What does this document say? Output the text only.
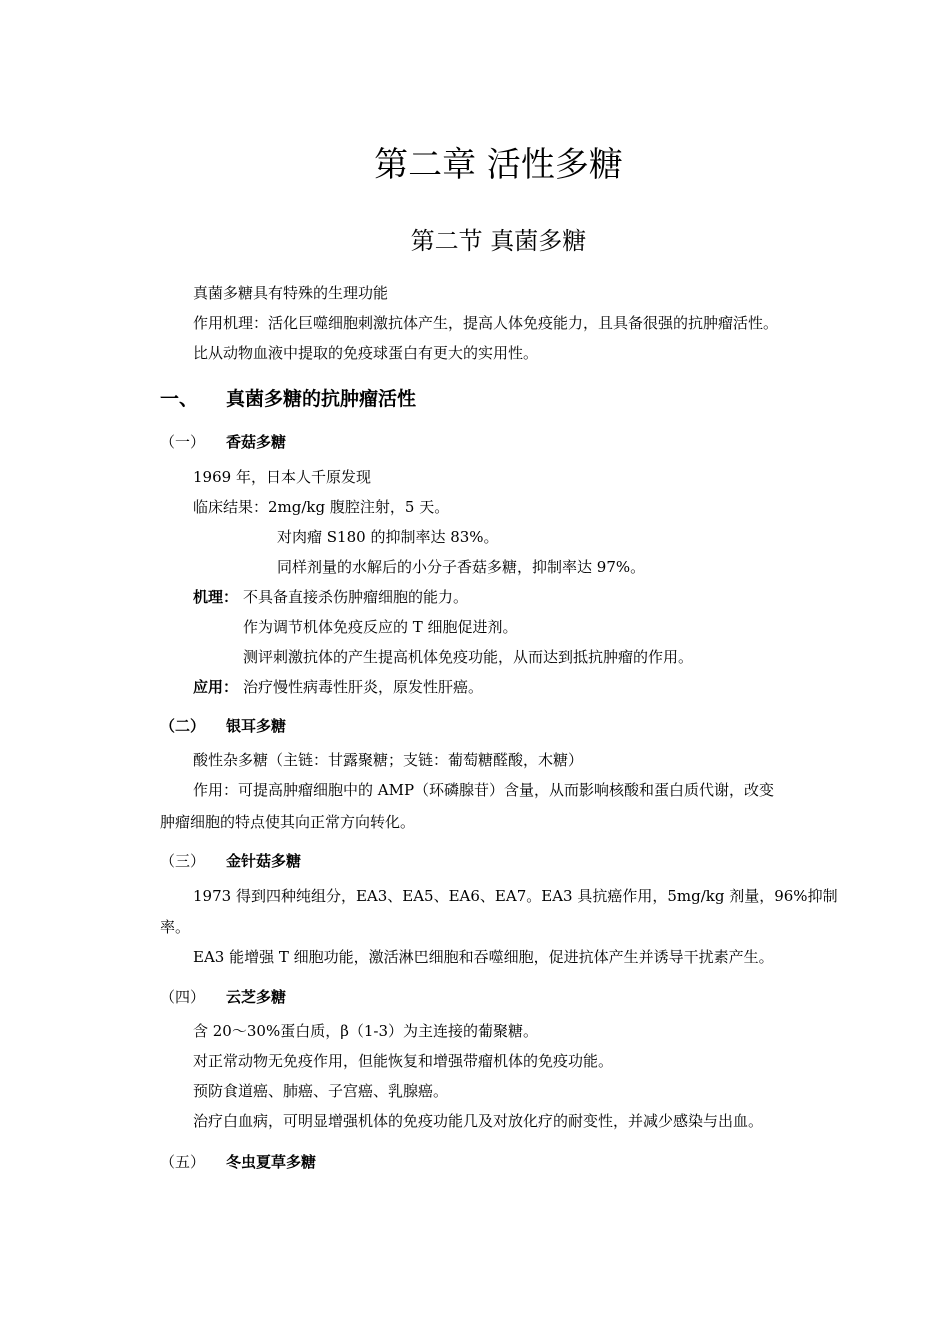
第二章 活性多糖
第二节 真菌多糖
真菌多糖具有特殊的生理功能
作用机理：活化巨噬细胞刺激抗体产生，提高人体免疫能力，且具备很强的抗肿瘤活性。
比从动物血液中提取的免疫球蛋白有更大的实用性。
一、 真菌多糖的抗肿瘤活性
（一） 香菇多糖
1969 年，日本人千原发现
临床结果：2mg/kg 腹腔注射，5 天。
对肉瘤 S180 的抑制率达 83%。
同样剂量的水解后的小分子香菇多糖，抑制率达 97%。
机理： 不具备直接杀伤肿瘤细胞的能力。
作为调节机体免疫反应的 T 细胞促进剂。
测评刺激抗体的产生提高机体免疫功能，从而达到抵抗肿瘤的作用。
应用： 治疗慢性病毒性肝炎，原发性肝癌。
（二） 银耳多糖
酸性杂多糖（主链：甘露聚糖；支链：葡萄糖醛酸，木糖）
作用：可提高肿瘤细胞中的 AMP（环磷腺苷）含量，从而影响核酸和蛋白质代谢，改变
肿瘤细胞的特点使其向正常方向转化。
（三） 金针菇多糖
1973 得到四种纯组分，EA3、EA5、EA6、EA7。EA3 具抗癌作用，5mg/kg 剂量，96%抑制
率。
EA3 能增强 T 细胞功能，激活淋巴细胞和吞噬细胞，促进抗体产生并诱导干扰素产生。
（四） 云芝多糖
含 20～30%蛋白质，β（1-3）为主连接的葡聚糖。
对正常动物无免疫作用，但能恢复和增强带瘤机体的免疫功能。
预防食道癌、肺癌、子宫癌、乳腺癌。
治疗白血病，可明显增强机体的免疫功能几及对放化疗的耐变性，并减少感染与出血。
（五） 冬虫夏草多糖
